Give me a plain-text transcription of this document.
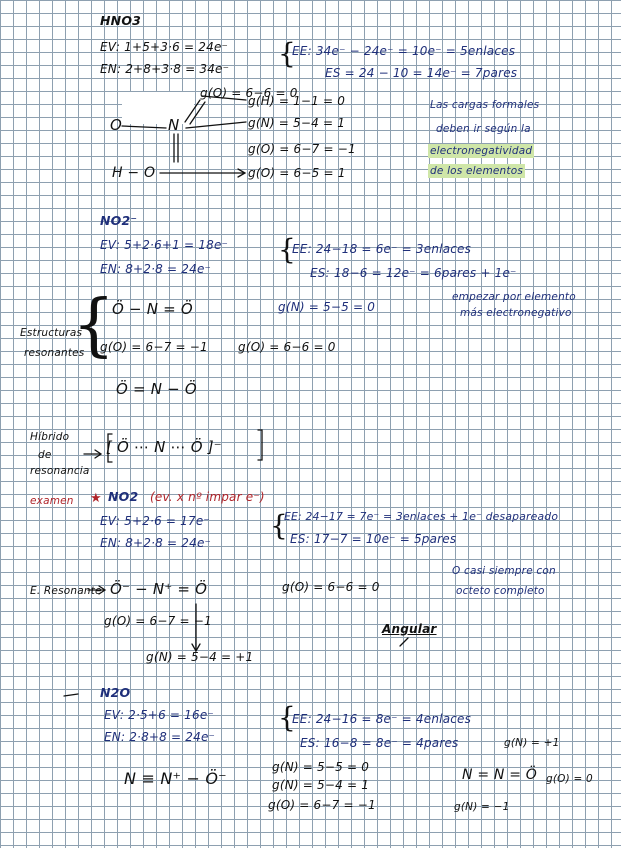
HNO3
EV: 1+5+3·6 = 24e⁻
EN: 2+8+3·8 = 34e⁻ {
EE: 34e⁻ − 24e⁻ = 10e⁻ = 5enlaces
ES = 24 − 10 = 14e⁻ = 7pares
g(O) = 6−6 = 0
O	N
g(H) = 1−1 = 0
g(N) = 5−4 = 1
g(O) = 6−7 = −1
H − O	g(O) = 6−5 = 1
Las cargas formales
deben ir según la
electronegatividad
de los elementos
NO2⁻
EV: 5+2·6+1 = 18e⁻
EN: 8+2·8 = 24e⁻
{
EE: 24−18 = 6e⁻ = 3enlaces
ES: 18−6 = 12e⁻ = 6pares + 1e⁻
Estructuras
resonantes
{
Ö − N = Ö	g(N) = 5−5 = 0
empezar por elemento
más electronegativo
g(O) = 6−7 = −1	g(O) = 6−6 = 0
Ö = N − Ö
Híbrido
de
resonancia
[ Ö ⋯ N ⋯ Ö ]⁻
examen ★ NO2 (ev. x nº impar e⁻)
EV: 5+2·6 = 17e⁻
EN: 8+2·8 = 24e⁻
{
EE: 24−17 = 7e⁻ = 3enlaces + 1e⁻ desapareado
ES: 17−7 = 10e⁻ = 5pares
E. Resonante Ö⁻ − N⁺ = Ö	g(O) = 6−6 = 0
O casi siempre con
octeto completo
g(O) = 6−7 = −1
Angular
g(N) = 5−4 = +1
N2O
EV: 2·5+6 = 16e⁻
EN: 2·8+8 = 24e⁻
{
EE: 24−16 = 8e⁻ = 4enlaces
ES: 16−8 = 8e⁻ = 4pares	g(N) = +1
N ≡ N⁺ − Ö⁻
g(N) = 5−5 = 0
g(N) = 5−4 = 1
g(O) = 6−7 = −1
N = N = Ö g(O) = 0
g(N) = −1
